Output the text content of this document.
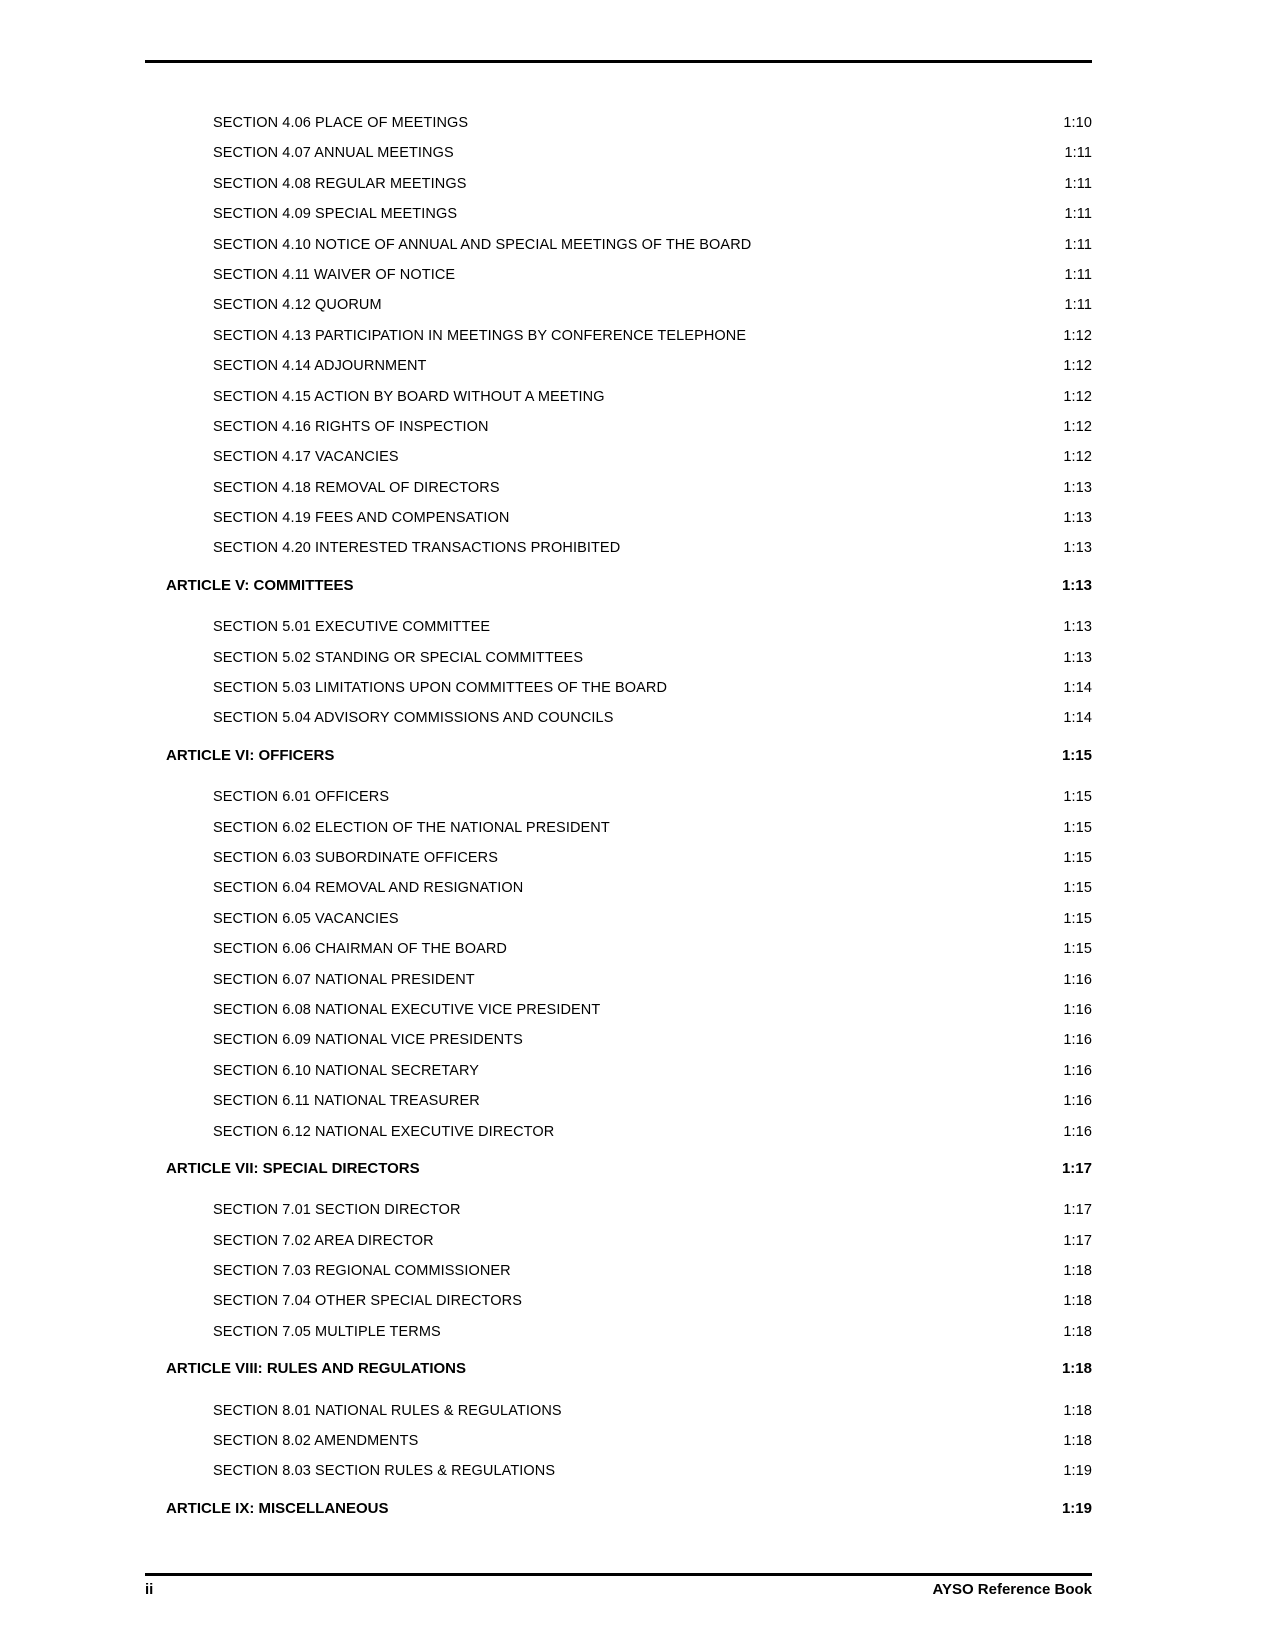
SECTION 4.06 PLACE OF MEETINGS	1:10
SECTION 4.07 ANNUAL MEETINGS	1:11
SECTION 4.08 REGULAR MEETINGS	1:11
SECTION 4.09 SPECIAL MEETINGS	1:11
SECTION 4.10 NOTICE OF ANNUAL AND SPECIAL MEETINGS OF THE BOARD	1:11
SECTION 4.11 WAIVER OF NOTICE	1:11
SECTION 4.12 QUORUM	1:11
SECTION 4.13 PARTICIPATION IN MEETINGS BY CONFERENCE TELEPHONE	1:12
SECTION 4.14 ADJOURNMENT	1:12
SECTION 4.15 ACTION BY BOARD WITHOUT A MEETING	1:12
SECTION 4.16 RIGHTS OF INSPECTION	1:12
SECTION 4.17 VACANCIES	1:12
SECTION 4.18 REMOVAL OF DIRECTORS	1:13
SECTION 4.19 FEES AND COMPENSATION	1:13
SECTION 4.20 INTERESTED TRANSACTIONS PROHIBITED	1:13
ARTICLE V: COMMITTEES	1:13
SECTION 5.01 EXECUTIVE COMMITTEE	1:13
SECTION 5.02 STANDING OR SPECIAL COMMITTEES	1:13
SECTION 5.03 LIMITATIONS UPON COMMITTEES OF THE BOARD	1:14
SECTION 5.04 ADVISORY COMMISSIONS AND COUNCILS	1:14
ARTICLE VI: OFFICERS	1:15
SECTION 6.01 OFFICERS	1:15
SECTION 6.02 ELECTION OF THE NATIONAL PRESIDENT	1:15
SECTION 6.03 SUBORDINATE OFFICERS	1:15
SECTION 6.04 REMOVAL AND RESIGNATION	1:15
SECTION 6.05 VACANCIES	1:15
SECTION 6.06 CHAIRMAN OF THE BOARD	1:15
SECTION 6.07 NATIONAL PRESIDENT	1:16
SECTION 6.08 NATIONAL EXECUTIVE VICE PRESIDENT	1:16
SECTION 6.09 NATIONAL VICE PRESIDENTS	1:16
SECTION 6.10 NATIONAL SECRETARY	1:16
SECTION 6.11 NATIONAL TREASURER	1:16
SECTION 6.12 NATIONAL EXECUTIVE DIRECTOR	1:16
ARTICLE VII: SPECIAL DIRECTORS	1:17
SECTION 7.01 SECTION DIRECTOR	1:17
SECTION 7.02 AREA DIRECTOR	1:17
SECTION 7.03 REGIONAL COMMISSIONER	1:18
SECTION 7.04 OTHER SPECIAL DIRECTORS	1:18
SECTION 7.05 MULTIPLE TERMS	1:18
ARTICLE VIII: RULES AND REGULATIONS	1:18
SECTION 8.01 NATIONAL RULES & REGULATIONS	1:18
SECTION 8.02 AMENDMENTS	1:18
SECTION 8.03 SECTION RULES & REGULATIONS	1:19
ARTICLE IX: MISCELLANEOUS	1:19
ii	AYSO Reference Book
